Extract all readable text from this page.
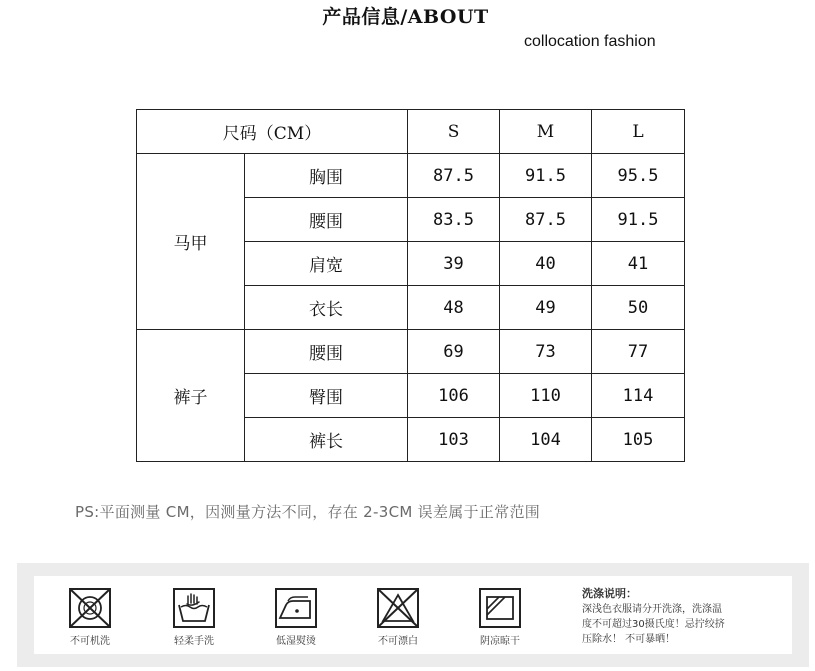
产品信息/ABOUT
collocation fashion
尺码（CM）		S	M	L
马甲	胸围	87.5	91.5	95.5
	腰围	83.5	87.5	91.5
	肩宽	39	40	41
	衣长	48	49	50
裤子	腰围	69	73	77
	臀围	106	110	114
	裤长	103	104	105
PS:平面测量 CM，因测量方法不同，存在 2-3CM 误差属于正常范围
不可机洗	轻柔手洗	低湿熨烫	不可漂白	阴凉晾干
洗涤说明：
深浅色衣服请分开洗涤，洗涤温
度不可超过30摄氏度！忌拧绞挤
压除水！ 不可暴晒！
